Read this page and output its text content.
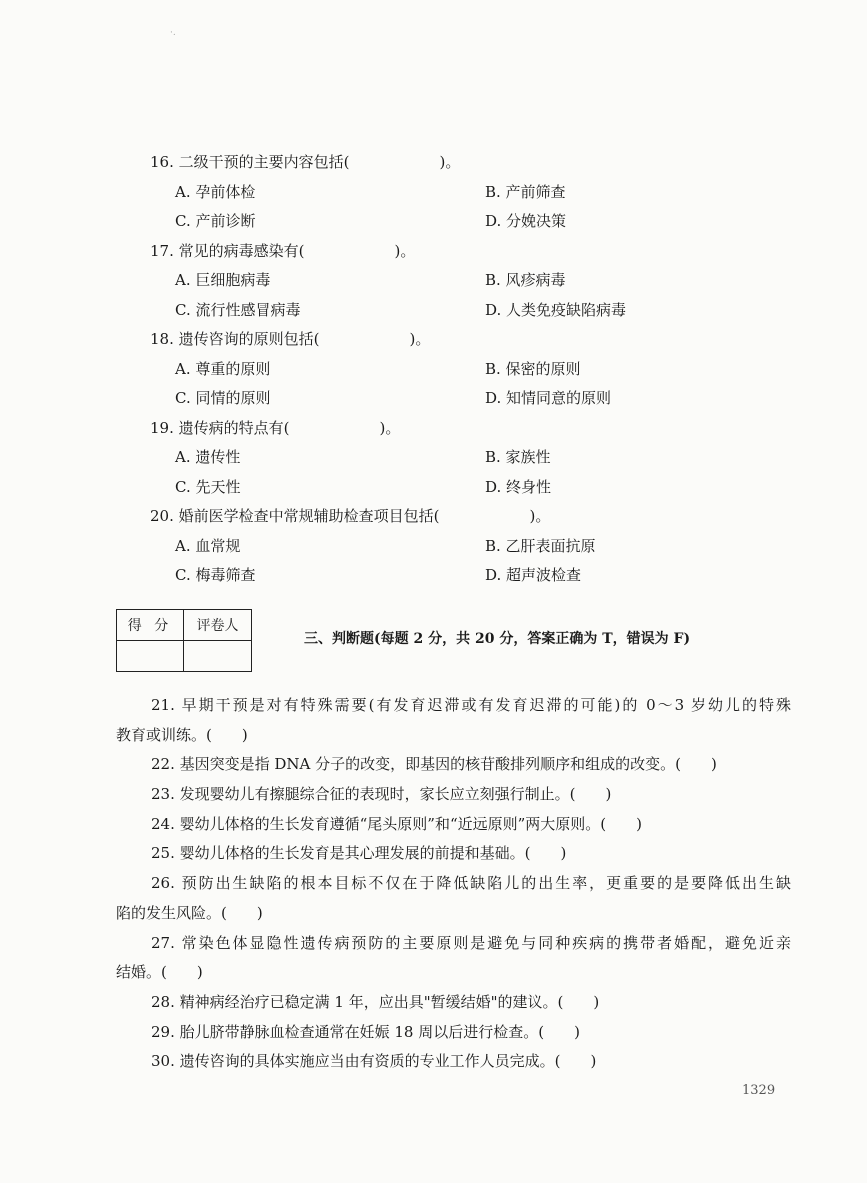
16. 二级干预的主要内容包括(　　　　　　)。
A. 孕前体检	B. 产前筛查
C. 产前诊断	D. 分娩决策
17. 常见的病毒感染有(　　　　　　)。
A. 巨细胞病毒	B. 风疹病毒
C. 流行性感冒病毒	D. 人类免疫缺陷病毒
18. 遗传咨询的原则包括(　　　　　　)。
A. 尊重的原则	B. 保密的原则
C. 同情的原则	D. 知情同意的原则
19. 遗传病的特点有(　　　　　　)。
A. 遗传性	B. 家族性
C. 先天性	D. 终身性
20. 婚前医学检查中常规辅助检查项目包括(　　　　　　)。
A. 血常规	B. 乙肝表面抗原
C. 梅毒筛查	D. 超声波检查
得 分	评卷人

三、判断题(每题 2 分，共 20 分，答案正确为 T，错误为 F)
21. 早期干预是对有特殊需要(有发育迟滞或有发育迟滞的可能)的 0～3 岁幼儿的特殊
教育或训练。(　　)
22. 基因突变是指 DNA 分子的改变，即基因的核苷酸排列顺序和组成的改变。(　　)
23. 发现婴幼儿有擦腿综合征的表现时，家长应立刻强行制止。(　　)
24. 婴幼儿体格的生长发育遵循“尾头原则”和“近远原则”两大原则。(　　)
25. 婴幼儿体格的生长发育是其心理发展的前提和基础。(　　)
26. 预防出生缺陷的根本目标不仅在于降低缺陷儿的出生率，更重要的是要降低出生缺
陷的发生风险。(　　)
27. 常染色体显隐性遗传病预防的主要原则是避免与同种疾病的携带者婚配，避免近亲
结婚。(　　)
28. 精神病经治疗已稳定满 1 年，应出具"暂缓结婚"的建议。(　　)
29. 胎儿脐带静脉血检查通常在妊娠 18 周以后进行检查。(　　)
30. 遗传咨询的具体实施应当由有资质的专业工作人员完成。(　　)
1329
·.
